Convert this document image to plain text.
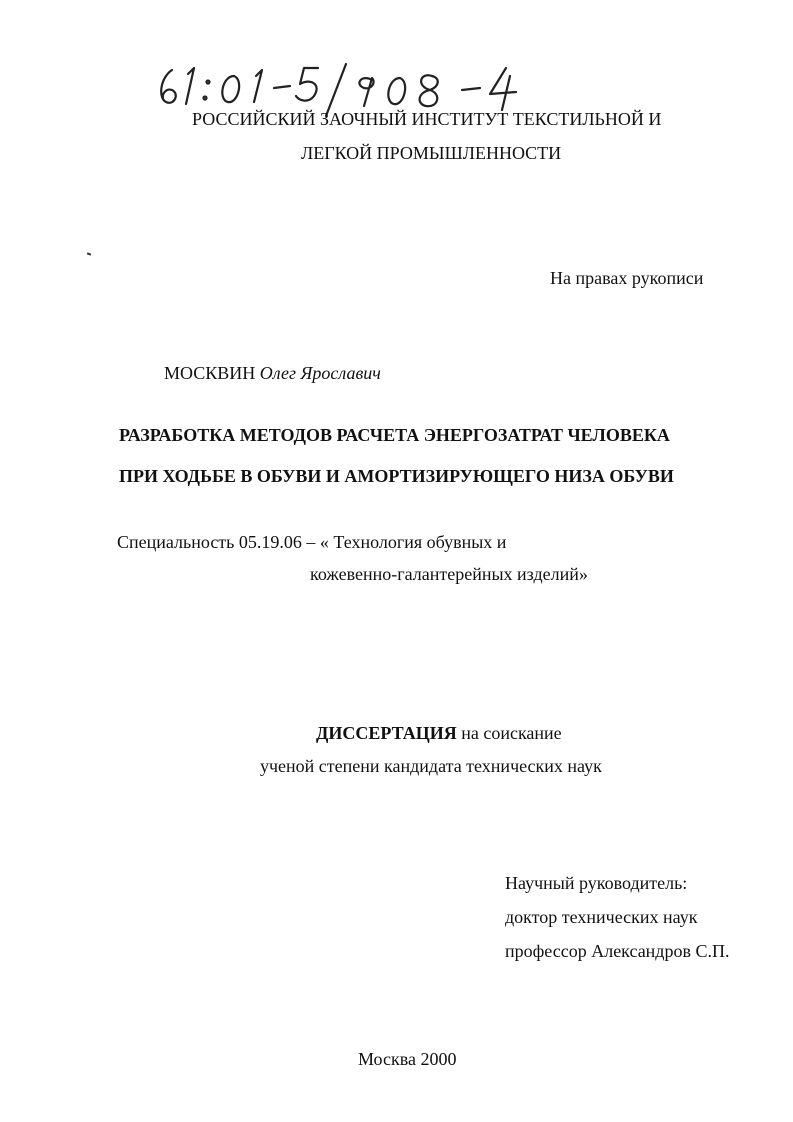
РОССИЙСКИЙ ЗАОЧНЫЙ ИНСТИТУТ ТЕКСТИЛЬНОЙ И
ЛЕГКОЙ ПРОМЫШЛЕННОСТИ
На правах рукописи
МОСКВИН Олег Ярославич
РАЗРАБОТКА МЕТОДОВ РАСЧЕТА ЭНЕРГОЗАТРАТ ЧЕЛОВЕКА
ПРИ ХОДЬБЕ В ОБУВИ И АМОРТИЗИРУЮЩЕГО НИЗА ОБУВИ
Специальность 05.19.06 – « Технология обувных и
кожевенно-галантерейных изделий»
ДИССЕРТАЦИЯ на соискание
ученой степени кандидата технических наук
Научный руководитель:
доктор технических наук
профессор Александров С.П.
Москва 2000
